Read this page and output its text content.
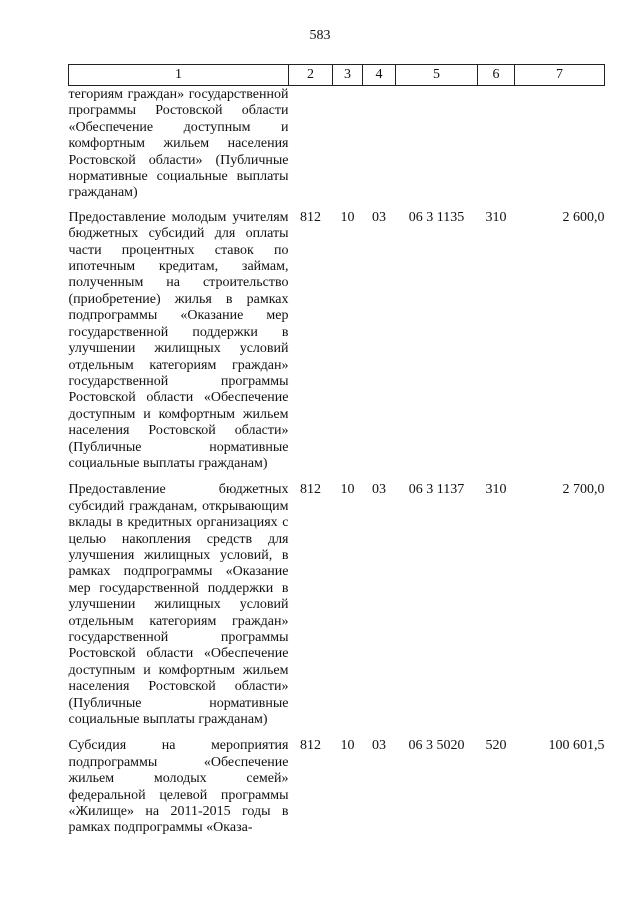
583
1	2	3	4	5	6	7
тегориям граждан» государственной программы Ростовской области «Обеспечение доступным и комфортным жильем населения Ростовской области» (Публичные нормативные социальные выплаты гражданам)						
Предоставление молодым учителям бюджетных субсидий для оплаты части процентных ставок по ипотечным кредитам, займам, полученным на строительство (приобретение) жилья в рамках подпрограммы «Оказание мер государственной поддержки в улучшении жилищных условий отдельным категориям граждан» государственной программы Ростовской области «Обеспечение доступным и комфортным жильем населения Ростовской области» (Публичные нормативные социальные выплаты гражданам)	812	10	03	06 3 1135	310	2 600,0
Предоставление бюджетных субсидий гражданам, открывающим вклады в кредитных организациях с целью накопления средств для улучшения жилищных условий, в рамках подпрограммы «Оказание мер государственной поддержки в улучшении жилищных условий отдельным категориям граждан» государственной программы Ростовской области «Обеспечение доступным и комфортным жильем населения Ростовской области» (Публичные нормативные социальные выплаты гражданам)	812	10	03	06 3 1137	310	2 700,0
Субсидия на мероприятия подпрограммы «Обеспечение жильем молодых семей» федеральной целевой программы «Жилище» на 2011-2015 годы в рамках подпрограммы «Оказа-	812	10	03	06 3 5020	520	100 601,5
